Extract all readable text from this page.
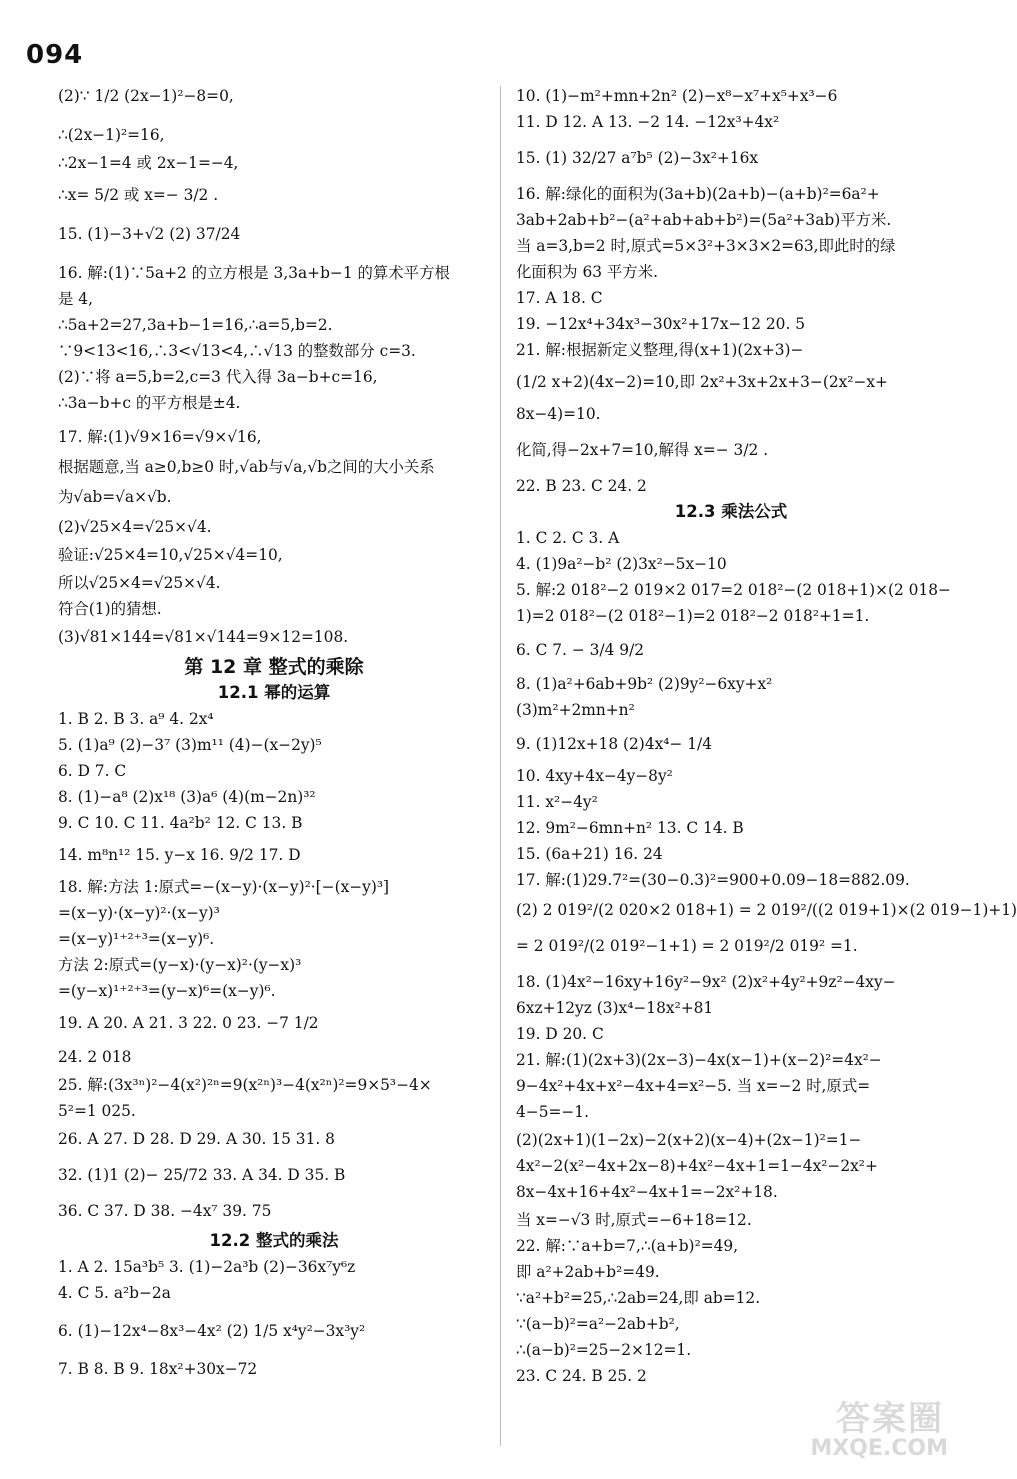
094
(2)∵ 1/2 (2x−1)²−8=0,
∴(2x−1)²=16,
∴2x−1=4 或 2x−1=−4,
∴x= 5/2 或 x=− 3/2 .
15. (1)−3+√2 (2) 37/24
16. 解:(1)∵5a+2 的立方根是 3,3a+b−1 的算术平方根
是 4,
∴5a+2=27,3a+b−1=16,∴a=5,b=2.
∵9<13<16,∴3<√13<4,∴√13 的整数部分 c=3.
(2)∵将 a=5,b=2,c=3 代入得 3a−b+c=16,
∴3a−b+c 的平方根是±4.
17. 解:(1)√9×16=√9×√16,
根据题意,当 a≥0,b≥0 时,√ab与√a,√b之间的大小关系
为√ab=√a×√b.
(2)√25×4=√25×√4.
验证:√25×4=10,√25×√4=10,
所以√25×4=√25×√4.
符合(1)的猜想.
(3)√81×144=√81×√144=9×12=108.
第 12 章 整式的乘除
12.1 幂的运算
1. B 2. B 3. a⁹ 4. 2x⁴
5. (1)a⁹ (2)−3⁷ (3)m¹¹ (4)−(x−2y)⁵
6. D 7. C
8. (1)−a⁸ (2)x¹⁸ (3)a⁶ (4)(m−2n)³²
9. C 10. C 11. 4a²b² 12. C 13. B
14. m⁸n¹² 15. y−x 16. 9/2 17. D
18. 解:方法 1:原式=−(x−y)·(x−y)²·[−(x−y)³]
=(x−y)·(x−y)²·(x−y)³
=(x−y)¹⁺²⁺³=(x−y)⁶.
方法 2:原式=(y−x)·(y−x)²·(y−x)³
=(y−x)¹⁺²⁺³=(y−x)⁶=(x−y)⁶.
19. A 20. A 21. 3 22. 0 23. −7 1/2
24. 2 018
25. 解:(3x³ⁿ)²−4(x²)²ⁿ=9(x²ⁿ)³−4(x²ⁿ)²=9×5³−4×
5²=1 025.
26. A 27. D 28. D 29. A 30. 15 31. 8
32. (1)1 (2)− 25/72 33. A 34. D 35. B
36. C 37. D 38. −4x⁷ 39. 75
12.2 整式的乘法
1. A 2. 15a³b⁵ 3. (1)−2a³b (2)−36x⁷y⁶z
4. C 5. a²b−2a
6. (1)−12x⁴−8x³−4x² (2) 1/5 x⁴y²−3x³y²
7. B 8. B 9. 18x²+30x−72
10. (1)−m²+mn+2n² (2)−x⁸−x⁷+x⁵+x³−6
11. D 12. A 13. −2 14. −12x³+4x²
15. (1) 32/27 a⁷b⁵ (2)−3x²+16x
16. 解:绿化的面积为(3a+b)(2a+b)−(a+b)²=6a²+
3ab+2ab+b²−(a²+ab+ab+b²)=(5a²+3ab)平方米.
当 a=3,b=2 时,原式=5×3²+3×3×2=63,即此时的绿
化面积为 63 平方米.
17. A 18. C
19. −12x⁴+34x³−30x²+17x−12 20. 5
21. 解:根据新定义整理,得(x+1)(2x+3)−
(1/2 x+2)(4x−2)=10,即 2x²+3x+2x+3−(2x²−x+
8x−4)=10.
化简,得−2x+7=10,解得 x=− 3/2 .
22. B 23. C 24. 2
12.3 乘法公式
1. C 2. C 3. A
4. (1)9a²−b² (2)3x²−5x−10
5. 解:2 018²−2 019×2 017=2 018²−(2 018+1)×(2 018−
1)=2 018²−(2 018²−1)=2 018²−2 018²+1=1.
6. C 7. − 3/4 9/2
8. (1)a²+6ab+9b² (2)9y²−6xy+x²
(3)m²+2mn+n²
9. (1)12x+18 (2)4x⁴− 1/4
10. 4xy+4x−4y−8y²
11. x²−4y²
12. 9m²−6mn+n² 13. C 14. B
15. (6a+21) 16. 24
17. 解:(1)29.7²=(30−0.3)²=900+0.09−18=882.09.
(2) 2 019²/(2 020×2 018+1) = 2 019²/((2 019+1)×(2 019−1)+1)
= 2 019²/(2 019²−1+1) = 2 019²/2 019² =1.
18. (1)4x²−16xy+16y²−9x² (2)x²+4y²+9z²−4xy−
6xz+12yz (3)x⁴−18x²+81
19. D 20. C
21. 解:(1)(2x+3)(2x−3)−4x(x−1)+(x−2)²=4x²−
9−4x²+4x+x²−4x+4=x²−5. 当 x=−2 时,原式=
4−5=−1.
(2)(2x+1)(1−2x)−2(x+2)(x−4)+(2x−1)²=1−
4x²−2(x²−4x+2x−8)+4x²−4x+1=1−4x²−2x²+
8x−4x+16+4x²−4x+1=−2x²+18.
当 x=−√3 时,原式=−6+18=12.
22. 解:∵a+b=7,∴(a+b)²=49,
即 a²+2ab+b²=49.
∵a²+b²=25,∴2ab=24,即 ab=12.
∵(a−b)²=a²−2ab+b²,
∴(a−b)²=25−2×12=1.
23. C 24. B 25. 2
答案圈
MXQE.COM
